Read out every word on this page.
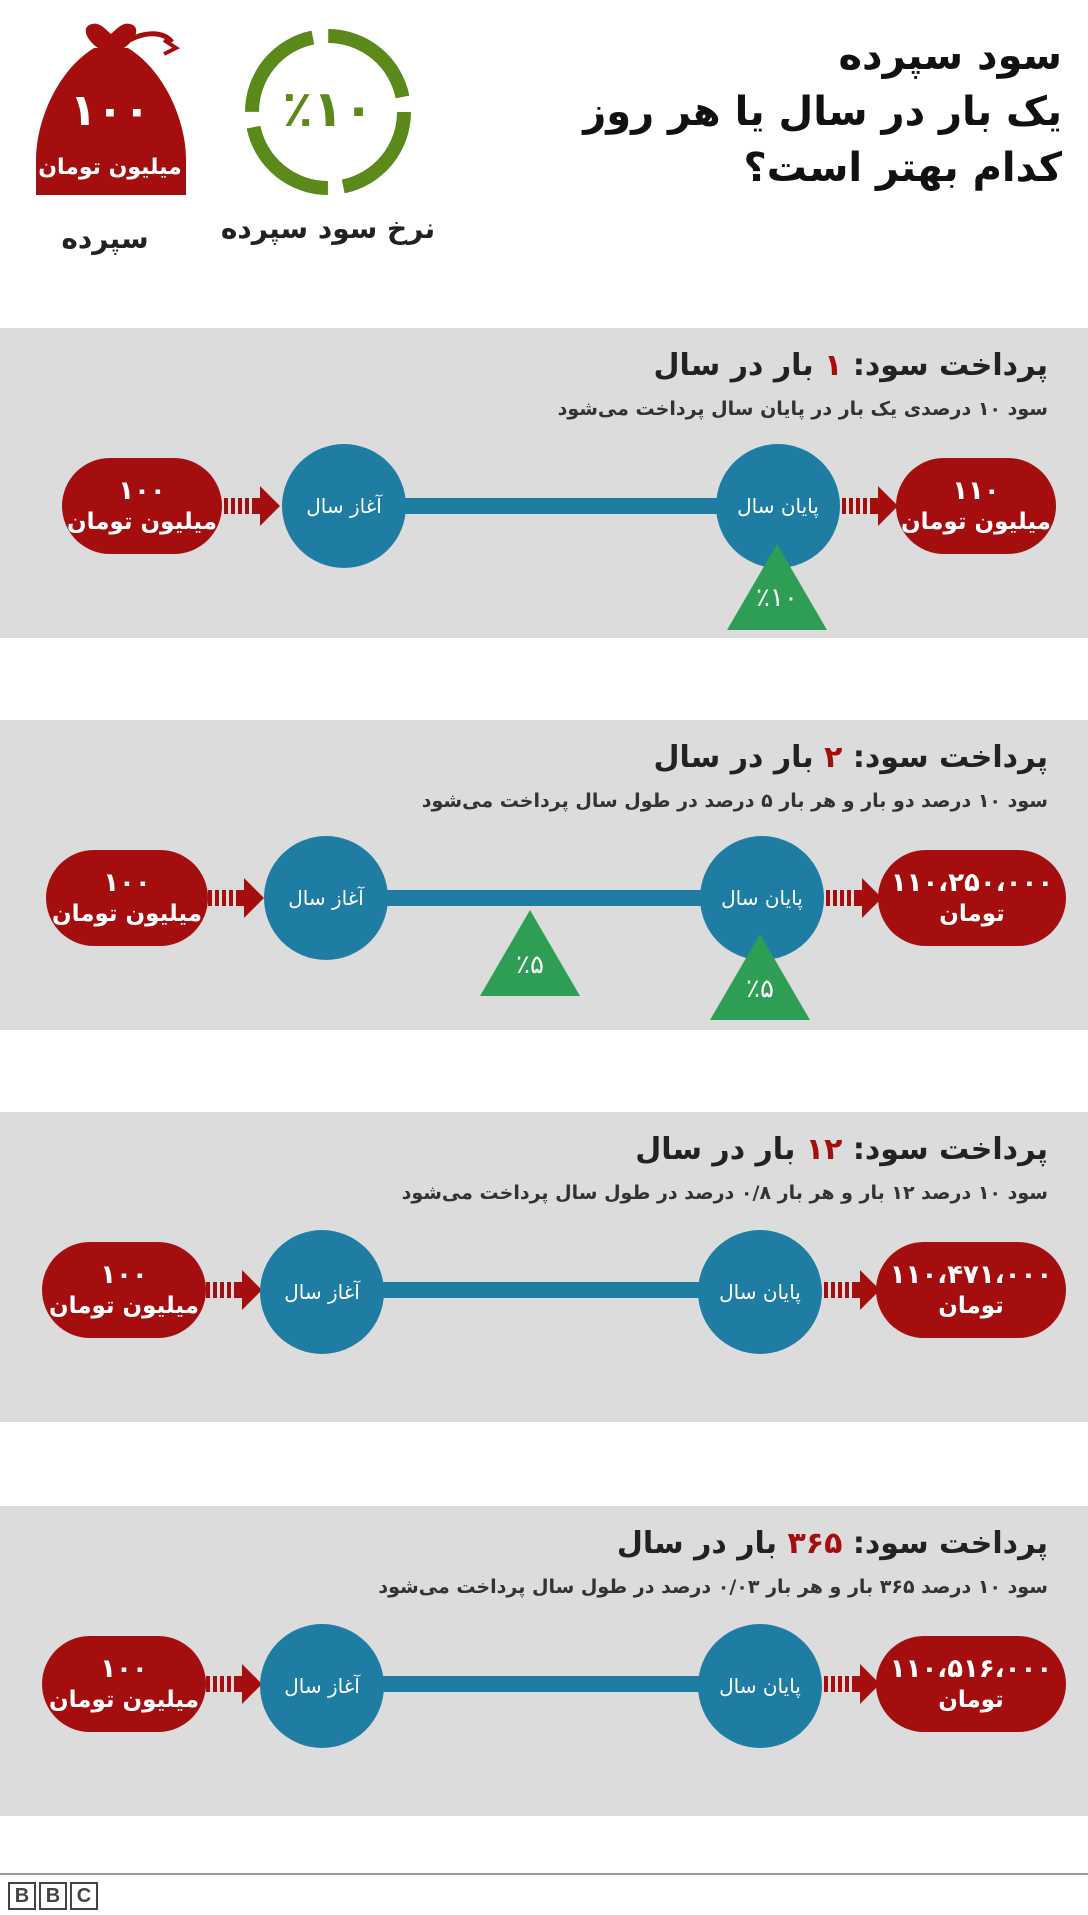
سود سپرده
یک بار در سال یا هر روز
کدام بهتر است؟
۱۰۰
میلیون تومان
سپرده
٪۱۰
نرخ سود سپرده
پرداخت سود: ۱ بار در سال
سود ۱۰ درصدی یک بار در پایان سال پرداخت می‌شود
۱۰۰
میلیون تومان
آغاز سال	پایان سال	۱۱۰
میلیون تومان
٪۱۰
پرداخت سود: ۲ بار در سال
سود ۱۰ درصد دو بار و هر بار ۵ درصد در طول سال پرداخت می‌شود
۱۰۰
میلیون تومان
آغاز سال	پایان سال	۱۱۰،۲۵۰،۰۰۰
تومان
٪۵
٪۵
پرداخت سود: ۱۲ بار در سال
سود ۱۰ درصد ۱۲ بار و هر بار ۰/۸ درصد در طول سال پرداخت می‌شود
۱۰۰
میلیون تومان
آغاز سال	پایان سال
۱۱۰،۴۷۱،۰۰۰
تومان
پرداخت سود: ۳۶۵ بار در سال
سود ۱۰ درصد ۳۶۵ بار و هر بار ۰/۰۳ درصد در طول سال پرداخت می‌شود
۱۰۰
میلیون تومان
آغاز سال	پایان سال
۱۱۰،۵۱۶،۰۰۰
تومان
B B C
